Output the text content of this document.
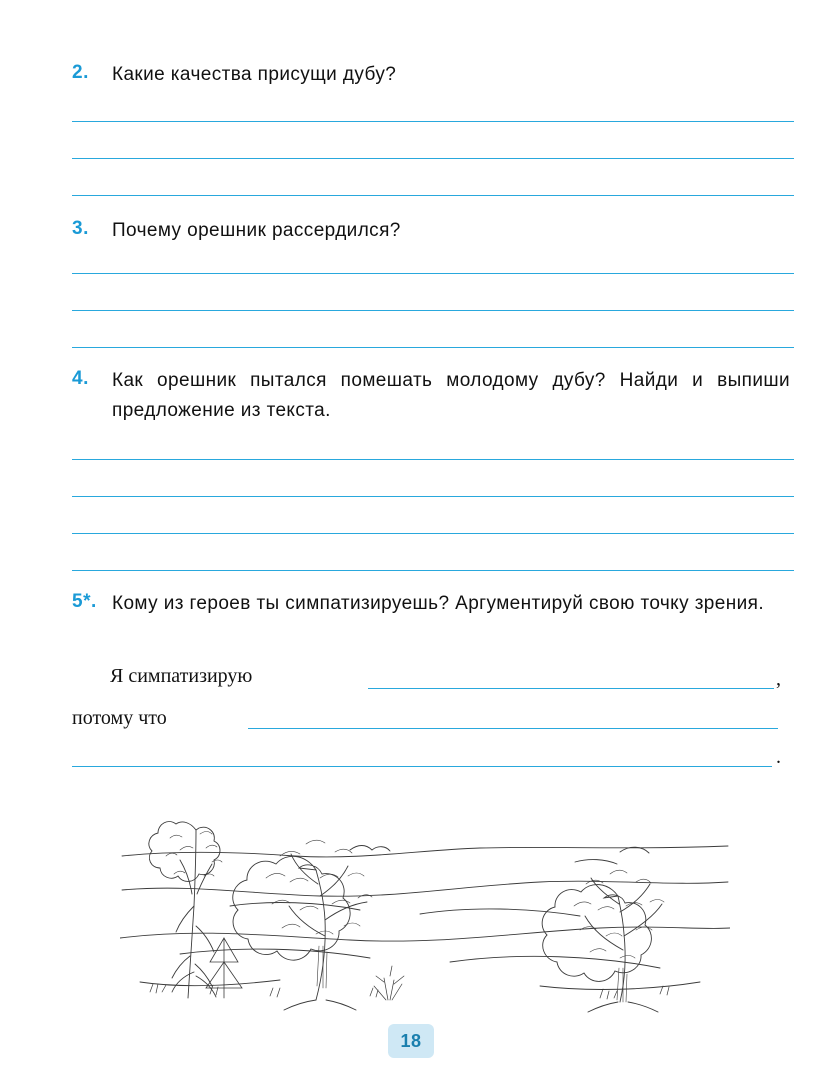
2.	Какие качества присущи дубу?
3.	Почему орешник рассердился?
4.	Как орешник пытался помешать молодому дубу? Найди и выпиши предложение из текста.
5*. Кому из героев ты симпатизируешь? Аргументируй свою точку зрения.
Я симпатизирую	,
потому что
.
18
